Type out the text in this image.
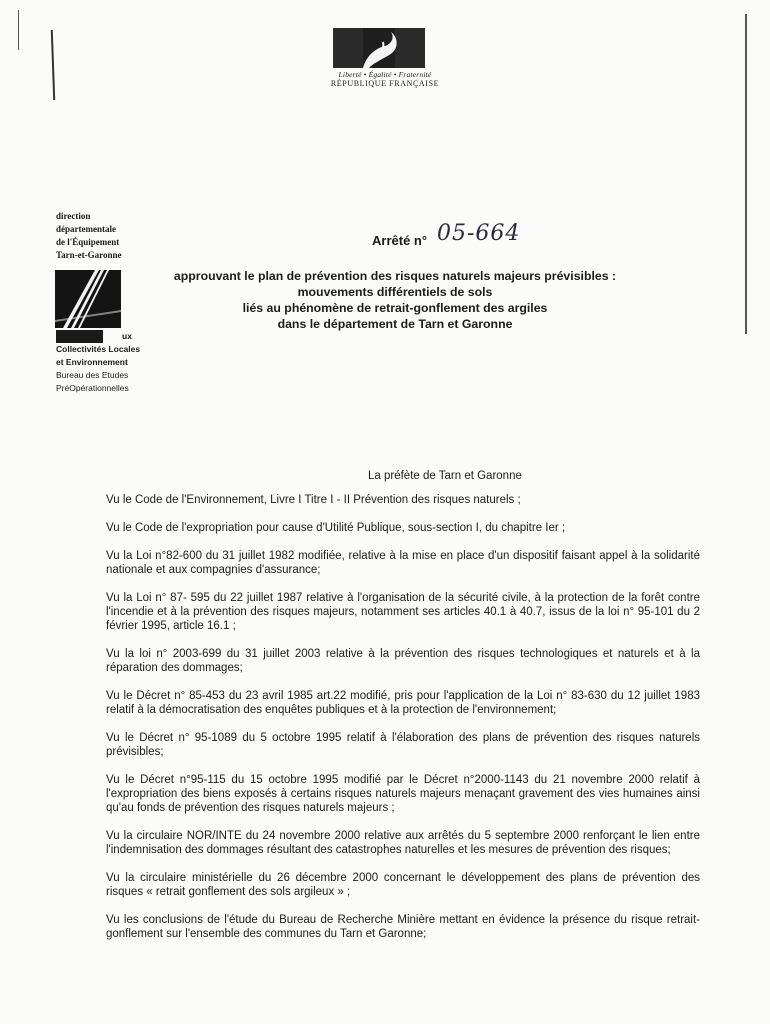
Liberté • Égalité • Fraternité
RÉPUBLIQUE FRANÇAISE
direction
départementale
de l'Équipement
Tarn-et-Garonne
Service des ux
Collectivités Locales
et Environnement
Bureau des Etudes
PréOpérationnelles
Arrêté n° 05-664
approuvant le plan de prévention des risques naturels majeurs prévisibles :
mouvements différentiels de sols
liés au phénomène de retrait-gonflement des argiles
dans le département de Tarn et Garonne
La préfète de Tarn et Garonne

Vu le Code de l'Environnement, Livre I Titre I - II Prévention des risques naturels ;

Vu le Code de l'expropriation pour cause d'Utilité Publique, sous-section I, du chapitre Ier ;

Vu la Loi n°82-600 du 31 juillet 1982 modifiée, relative à la mise en place d'un dispositif faisant appel à la solidarité nationale et aux compagnies d'assurance;

Vu la Loi n° 87- 595 du 22 juillet 1987 relative à l'organisation de la sécurité civile, à la protection de la forêt contre l'incendie et à la prévention des risques majeurs, notamment ses articles 40.1 à 40.7, issus de la loi n° 95-101 du 2 février 1995, article 16.1 ;

Vu la loi n° 2003-699 du 31 juillet 2003 relative à la prévention des risques technologiques et naturels et à la réparation des dommages;

Vu le Décret n° 85-453 du 23 avril 1985 art.22 modifié, pris pour l'application de la Loi n° 83-630 du 12 juillet 1983 relatif à la démocratisation des enquêtes publiques et à la protection de l'environnement;

Vu le Décret n° 95-1089 du 5 octobre 1995 relatif à l'élaboration des plans de prévention des risques naturels prévisibles;

Vu le Décret n°95-115 du 15 octobre 1995 modifié par le Décret n°2000-1143 du 21 novembre 2000 relatif à l'expropriation des biens exposés à certains risques naturels majeurs menaçant gravement des vies humaines ainsi qu'au fonds de prévention des risques naturels majeurs ;

Vu la circulaire NOR/INTE du 24 novembre 2000 relative aux arrêtés du 5 septembre 2000 renforçant le lien entre l'indemnisation des dommages résultant des catastrophes naturelles et les mesures de prévention des risques;

Vu la circulaire ministérielle du 26 décembre 2000 concernant le développement des plans de prévention des risques « retrait gonflement des sols argileux » ;

Vu les conclusions de l'étude du Bureau de Recherche Minière mettant en évidence la présence du risque retrait-gonflement sur l'ensemble des communes du Tarn et Garonne;
